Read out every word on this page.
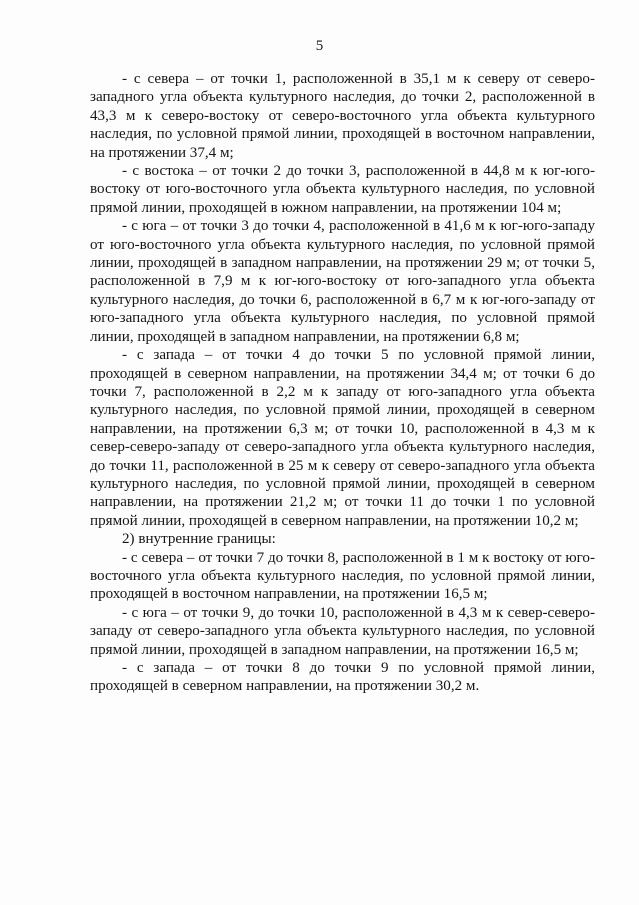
5

- с севера – от точки 1, расположенной в 35,1 м к северу от северо-западного угла объекта культурного наследия, до точки 2, расположенной в 43,3 м к северо-востоку от северо-восточного угла объекта культурного наследия, по условной прямой линии, проходящей в восточном направлении, на протяжении 37,4 м;

- с востока – от точки 2 до точки 3, расположенной в 44,8 м к юг-юго-востоку от юго-восточного угла объекта культурного наследия, по условной прямой линии, проходящей в южном направлении, на протяжении 104 м;

- с юга – от точки 3 до точки 4, расположенной в 41,6 м к юг-юго-западу от юго-восточного угла объекта культурного наследия, по условной прямой линии, проходящей в западном направлении, на протяжении 29 м; от точки 5, расположенной в 7,9 м к юг-юго-востоку от юго-западного угла объекта культурного наследия, до точки 6, расположенной в 6,7 м к юг-юго-западу от юго-западного угла объекта культурного наследия, по условной прямой линии, проходящей в западном направлении, на протяжении 6,8 м;

- с запада – от точки 4 до точки 5 по условной прямой линии, проходящей в северном направлении, на протяжении 34,4 м; от точки 6 до точки 7, расположенной в 2,2 м к западу от юго-западного угла объекта культурного наследия, по условной прямой линии, проходящей в северном направлении, на протяжении 6,3 м; от точки 10, расположенной в 4,3 м к север-северо-западу от северо-западного угла объекта культурного наследия, до точки 11, расположенной в 25 м к северу от северо-западного угла объекта культурного наследия, по условной прямой линии, проходящей в северном направлении, на протяжении 21,2 м; от точки 11 до точки 1 по условной прямой линии, проходящей в северном направлении, на протяжении 10,2 м;

2) внутренние границы:

- с севера – от точки 7 до точки 8, расположенной в 1 м к востоку от юго-восточного угла объекта культурного наследия, по условной прямой линии, проходящей в восточном направлении, на протяжении 16,5 м;

- с юга – от точки 9, до точки 10, расположенной в 4,3 м к север-северо-западу от северо-западного угла объекта культурного наследия, по условной прямой линии, проходящей в западном направлении, на протяжении 16,5 м;

- с запада – от точки 8 до точки 9 по условной прямой линии, проходящей в северном направлении, на протяжении 30,2 м.
